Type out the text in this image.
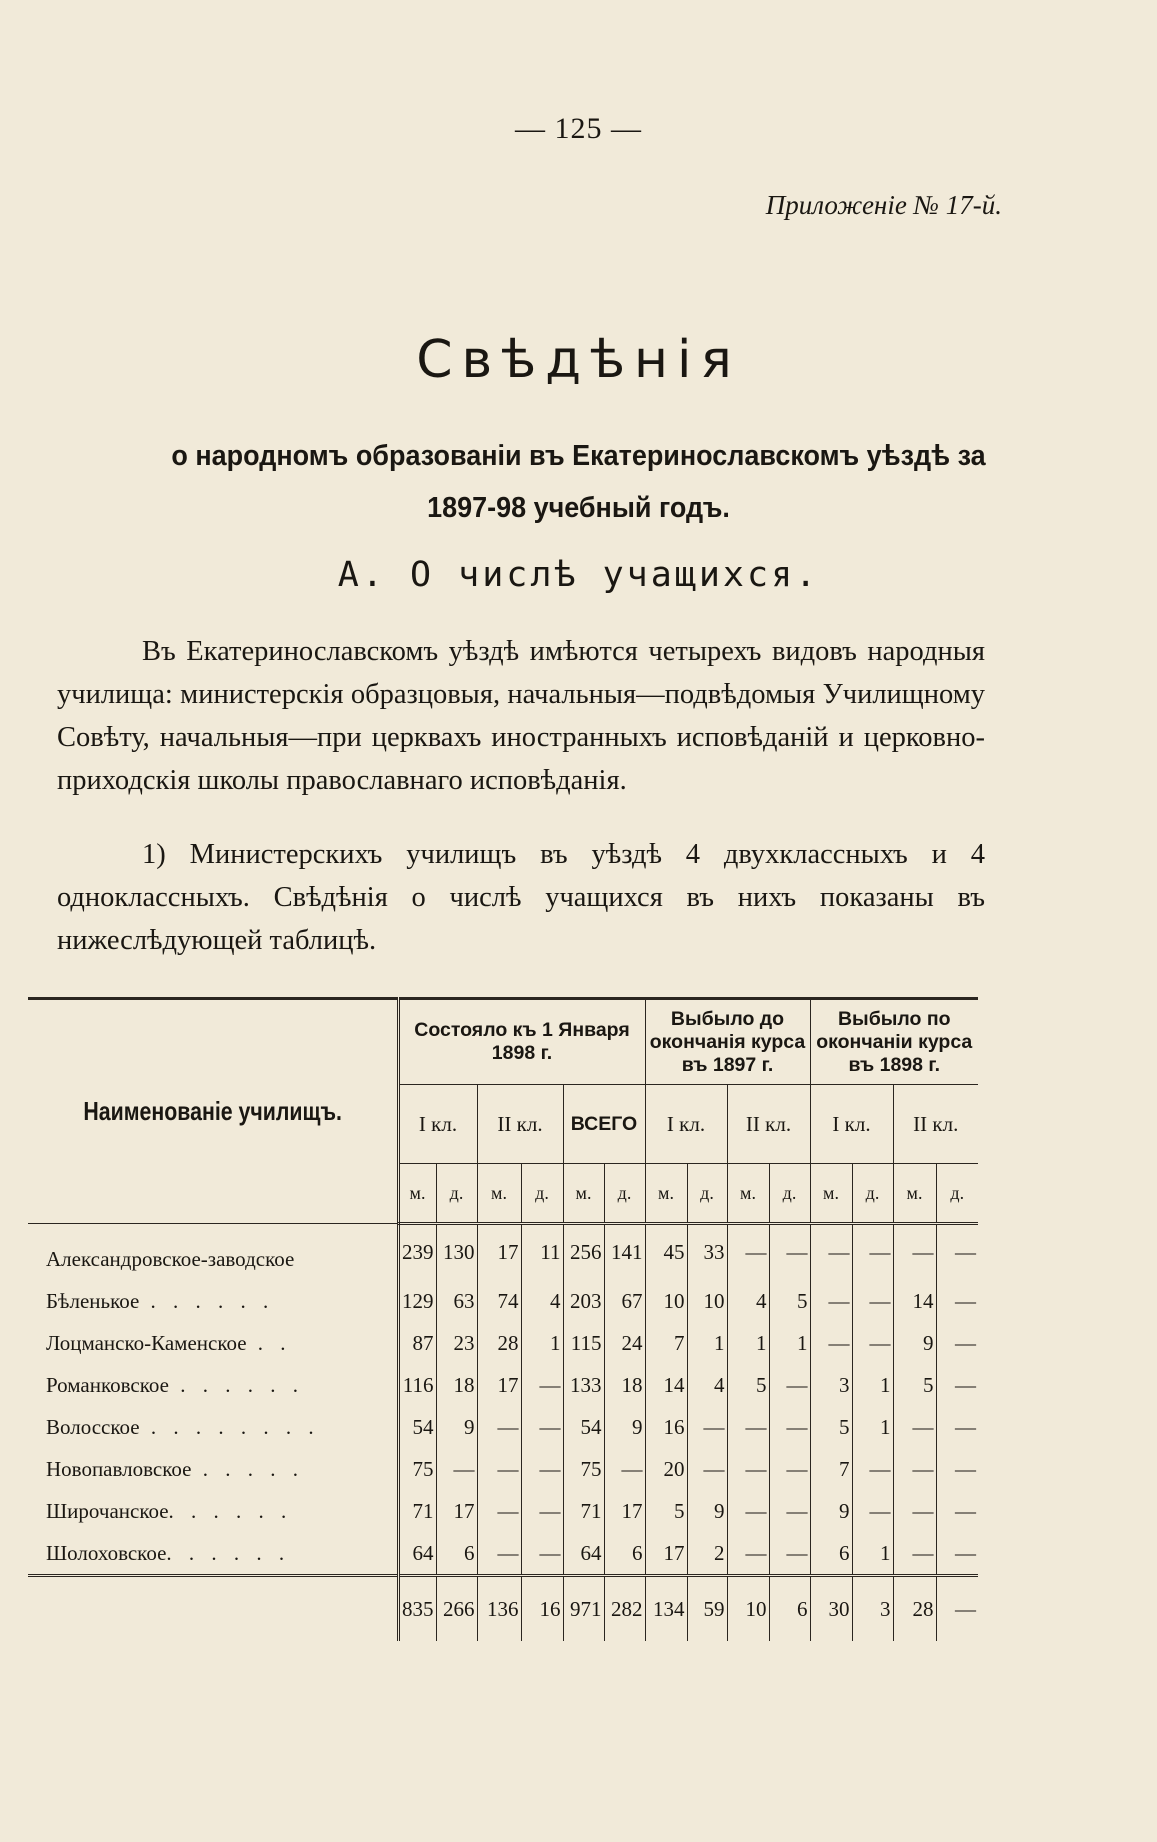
— 125 —
Приложеніе № 17-й.
Свѣдѣнія
о народномъ образованіи въ Екатеринославскомъ уѣздѣ за
1897-98 учебный годъ.
А. О числѣ учащихся.

Въ Екатеринославскомъ уѣздѣ имѣются четырехъ видовъ народныя училища: министерскія образцовыя, начальныя—подвѣдомыя Училищному Совѣту, начальныя—при церквахъ иностранныхъ исповѣданій и церковно-приходскія школы православнаго исповѣданія.

1) Министерскихъ училищъ въ уѣздѣ 4 двухклассныхъ и 4 одноклассныхъ. Свѣдѣнія о числѣ учащихся въ нихъ показаны въ нижеслѣдующей таблицѣ.

Наименованіе училищъ.	Состояло къ 1 Января 1898 г.						Выбыло до окончанія курса въ 1897 г.				Выбыло по окончаніи курса въ 1898 г.			
	I кл.		II кл.		ВСЕГО		I кл.		II кл.		I кл.		II кл.	
	м.	д.	м.	д.	м.	д.	м.	д.	м.	д.	м.	д.	м.	д.
Александровское-заводское	239	130	17	11	256	141	45	33	—	—	—	—	—	—
Бѣленькое . . . . . .	129	63	74	4	203	67	10	10	4	5	—	—	14	—
Лоцманско-Каменское . .	87	23	28	1	115	24	7	1	1	1	—	—	9	—
Романковское . . . . . .	116	18	17	—	133	18	14	4	5	—	3	1	5	—
Волосское . . . . . . . .	54	9	—	—	54	9	16	—	—	—	5	1	—	—
Новопавловское . . . . .	75	—	—	—	75	—	20	—	—	—	7	—	—	—
Широчанское. . . . . .	71	17	—	—	71	17	5	9	—	—	9	—	—	—
Шолоховское. . . . . .	64	6	—	—	64	6	17	2	—	—	6	1	—	—
	835	266	136	16	971	282	134	59	10	6	30	3	28	—
